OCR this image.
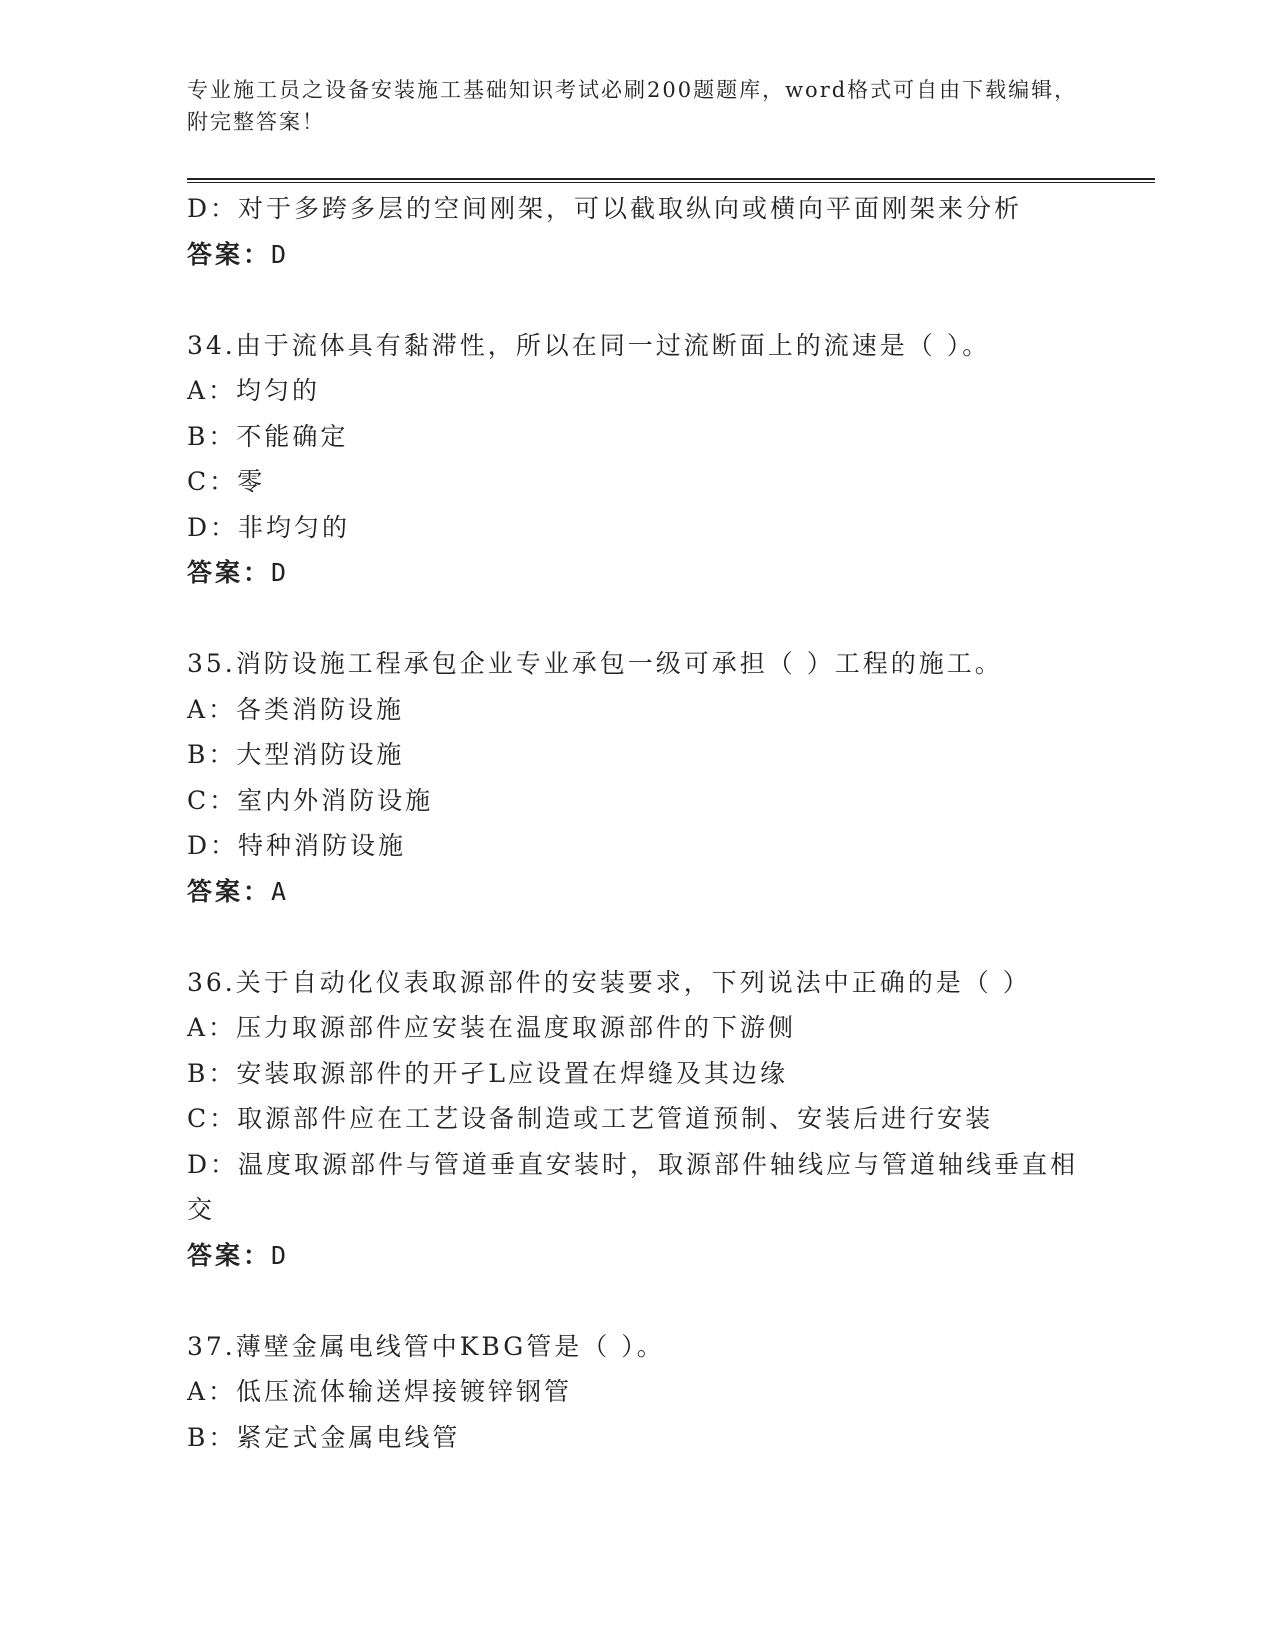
专业施工员之设备安装施工基础知识考试必刷200题题库，word格式可自由下载编辑，附完整答案！
D：对于多跨多层的空间刚架，可以截取纵向或横向平面刚架来分析
答案：D
34.由于流体具有黏滞性，所以在同一过流断面上的流速是（ ）。
A：均匀的
B：不能确定
C：零
D：非均匀的
答案：D
35.消防设施工程承包企业专业承包一级可承担（ ）工程的施工。
A：各类消防设施
B：大型消防设施
C：室内外消防设施
D：特种消防设施
答案：A
36.关于自动化仪表取源部件的安装要求，下列说法中正确的是（ ）
A：压力取源部件应安装在温度取源部件的下游侧
B：安装取源部件的开孑L应设置在焊缝及其边缘
C：取源部件应在工艺设备制造或工艺管道预制、安装后进行安装
D：温度取源部件与管道垂直安装时，取源部件轴线应与管道轴线垂直相交
答案：D
37.薄壁金属电线管中KBG管是（ ）。
A：低压流体输送焊接镀锌钢管
B：紧定式金属电线管
